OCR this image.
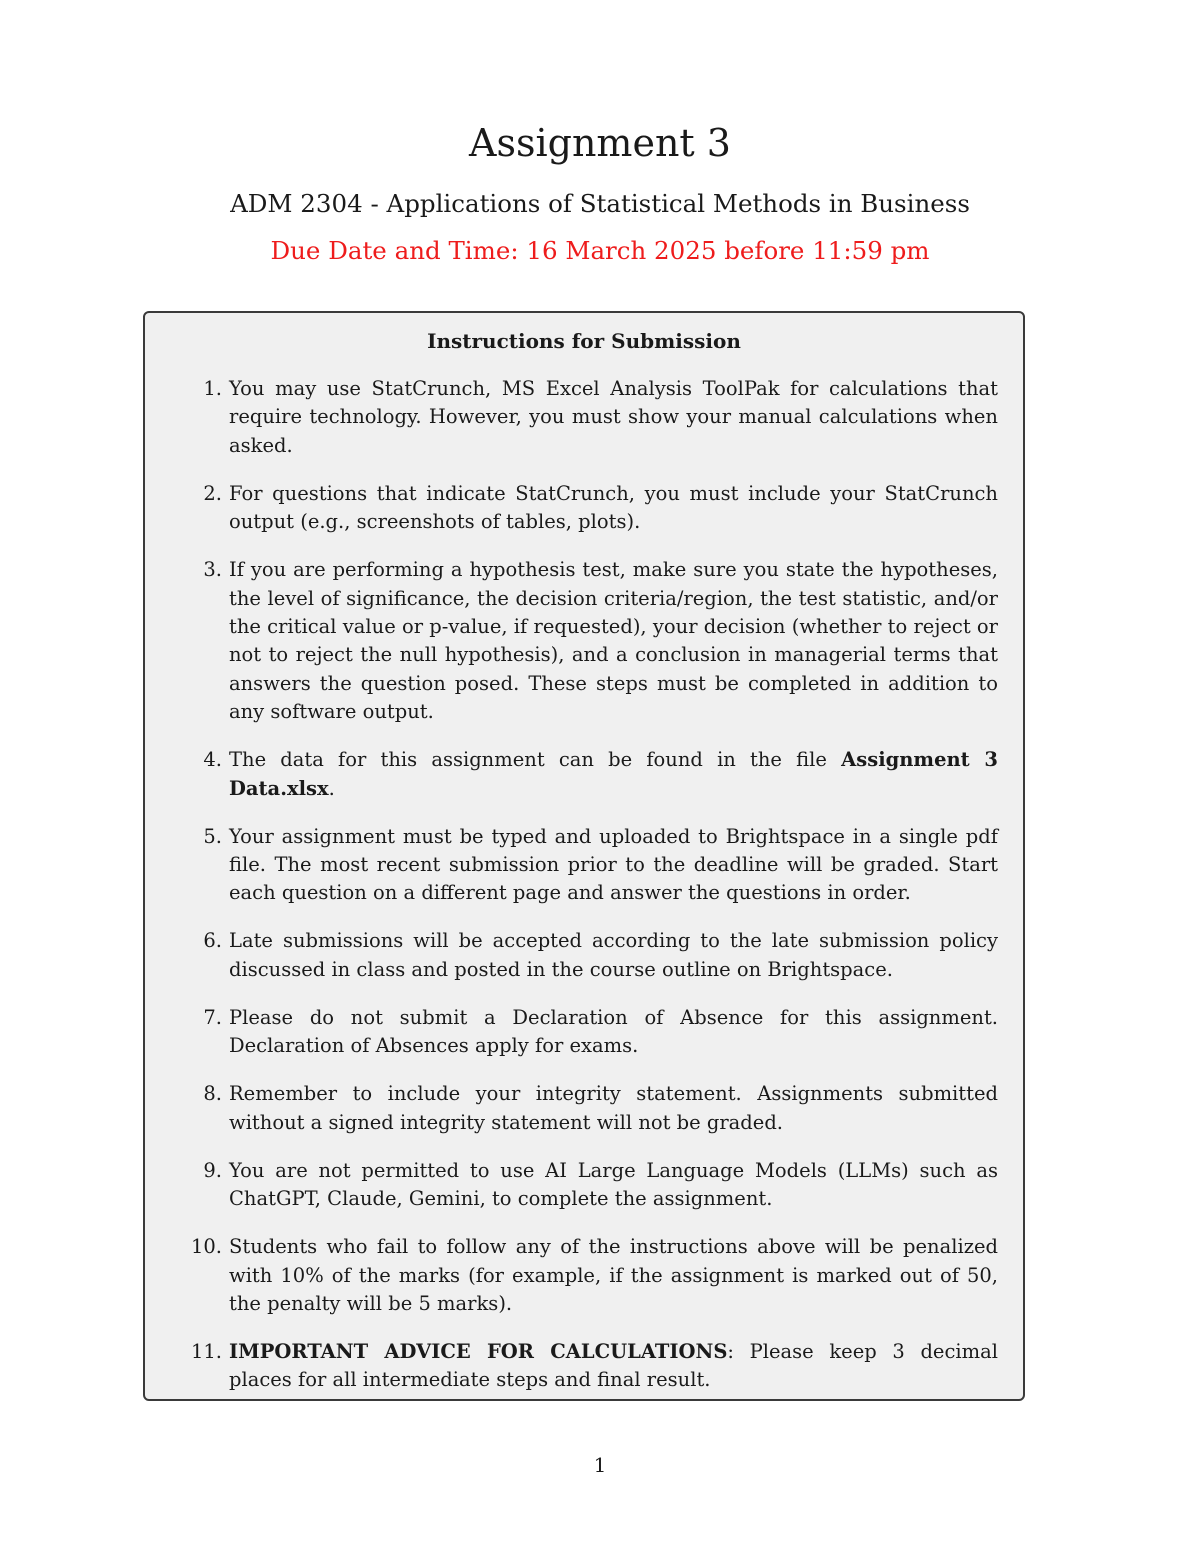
Assignment 3

ADM 2304 - Applications of Statistical Methods in Business

Due Date and Time: 16 March 2025 before 11:59 pm

Instructions for Submission

1. You may use StatCrunch, MS Excel Analysis ToolPak for calculations that require technology. However, you must show your manual calculations when asked.
2. For questions that indicate StatCrunch, you must include your StatCrunch output (e.g., screenshots of tables, plots).
3. If you are performing a hypothesis test, make sure you state the hypotheses, the level of significance, the decision criteria/region, the test statistic, and/or the critical value or p-value, if requested), your decision (whether to reject or not to reject the null hypothesis), and a conclusion in managerial terms that answers the question posed. These steps must be completed in addition to any software output.
4. The data for this assignment can be found in the file Assignment 3 Data.xlsx.
5. Your assignment must be typed and uploaded to Brightspace in a single pdf file. The most recent submission prior to the deadline will be graded. Start each question on a different page and answer the questions in order.
6. Late submissions will be accepted according to the late submission policy discussed in class and posted in the course outline on Brightspace.
7. Please do not submit a Declaration of Absence for this assignment. Declaration of Absences apply for exams.
8. Remember to include your integrity statement. Assignments submitted without a signed integrity statement will not be graded.
9. You are not permitted to use AI Large Language Models (LLMs) such as ChatGPT, Claude, Gemini, to complete the assignment.
10. Students who fail to follow any of the instructions above will be penalized with 10% of the marks (for example, if the assignment is marked out of 50, the penalty will be 5 marks).
11. IMPORTANT ADVICE FOR CALCULATIONS: Please keep 3 decimal places for all intermediate steps and final result.

1
